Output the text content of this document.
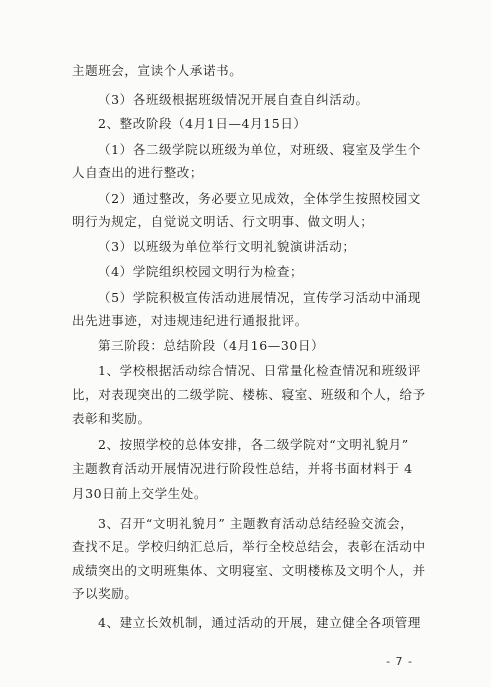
主题班会，宣读个人承诺书。

（3）各班级根据班级情况开展自查自纠活动。

2、整改阶段（4月1日—4月15日）

（1）各二级学院以班级为单位，对班级、寝室及学生个

人自查出的进行整改；

（2）通过整改，务必要立见成效，全体学生按照校园文

明行为规定，自觉说文明话、行文明事、做文明人；

（3）以班级为单位举行文明礼貌演讲活动；

（4）学院组织校园文明行为检查；

（5）学院积极宣传活动进展情况，宣传学习活动中涌现

出先进事迹，对违规违纪进行通报批评。

第三阶段：总结阶段（4月16—30日）

1、学校根据活动综合情况、日常量化检查情况和班级评

比，对表现突出的二级学院、楼栋、寝室、班级和个人，给予

表彰和奖励。

2、按照学校的总体安排，各二级学院对“文明礼貌月”

主题教育活动开展情况进行阶段性总结，并将书面材料于 4

月30日前上交学生处。

3、召开“文明礼貌月” 主题教育活动总结经验交流会，

查找不足。学校归纳汇总后，举行全校总结会，表彰在活动中

成绩突出的文明班集体、文明寝室、文明楼栋及文明个人，并

予以奖励。

4、建立长效机制，通过活动的开展，建立健全各项管理

- 7 -
